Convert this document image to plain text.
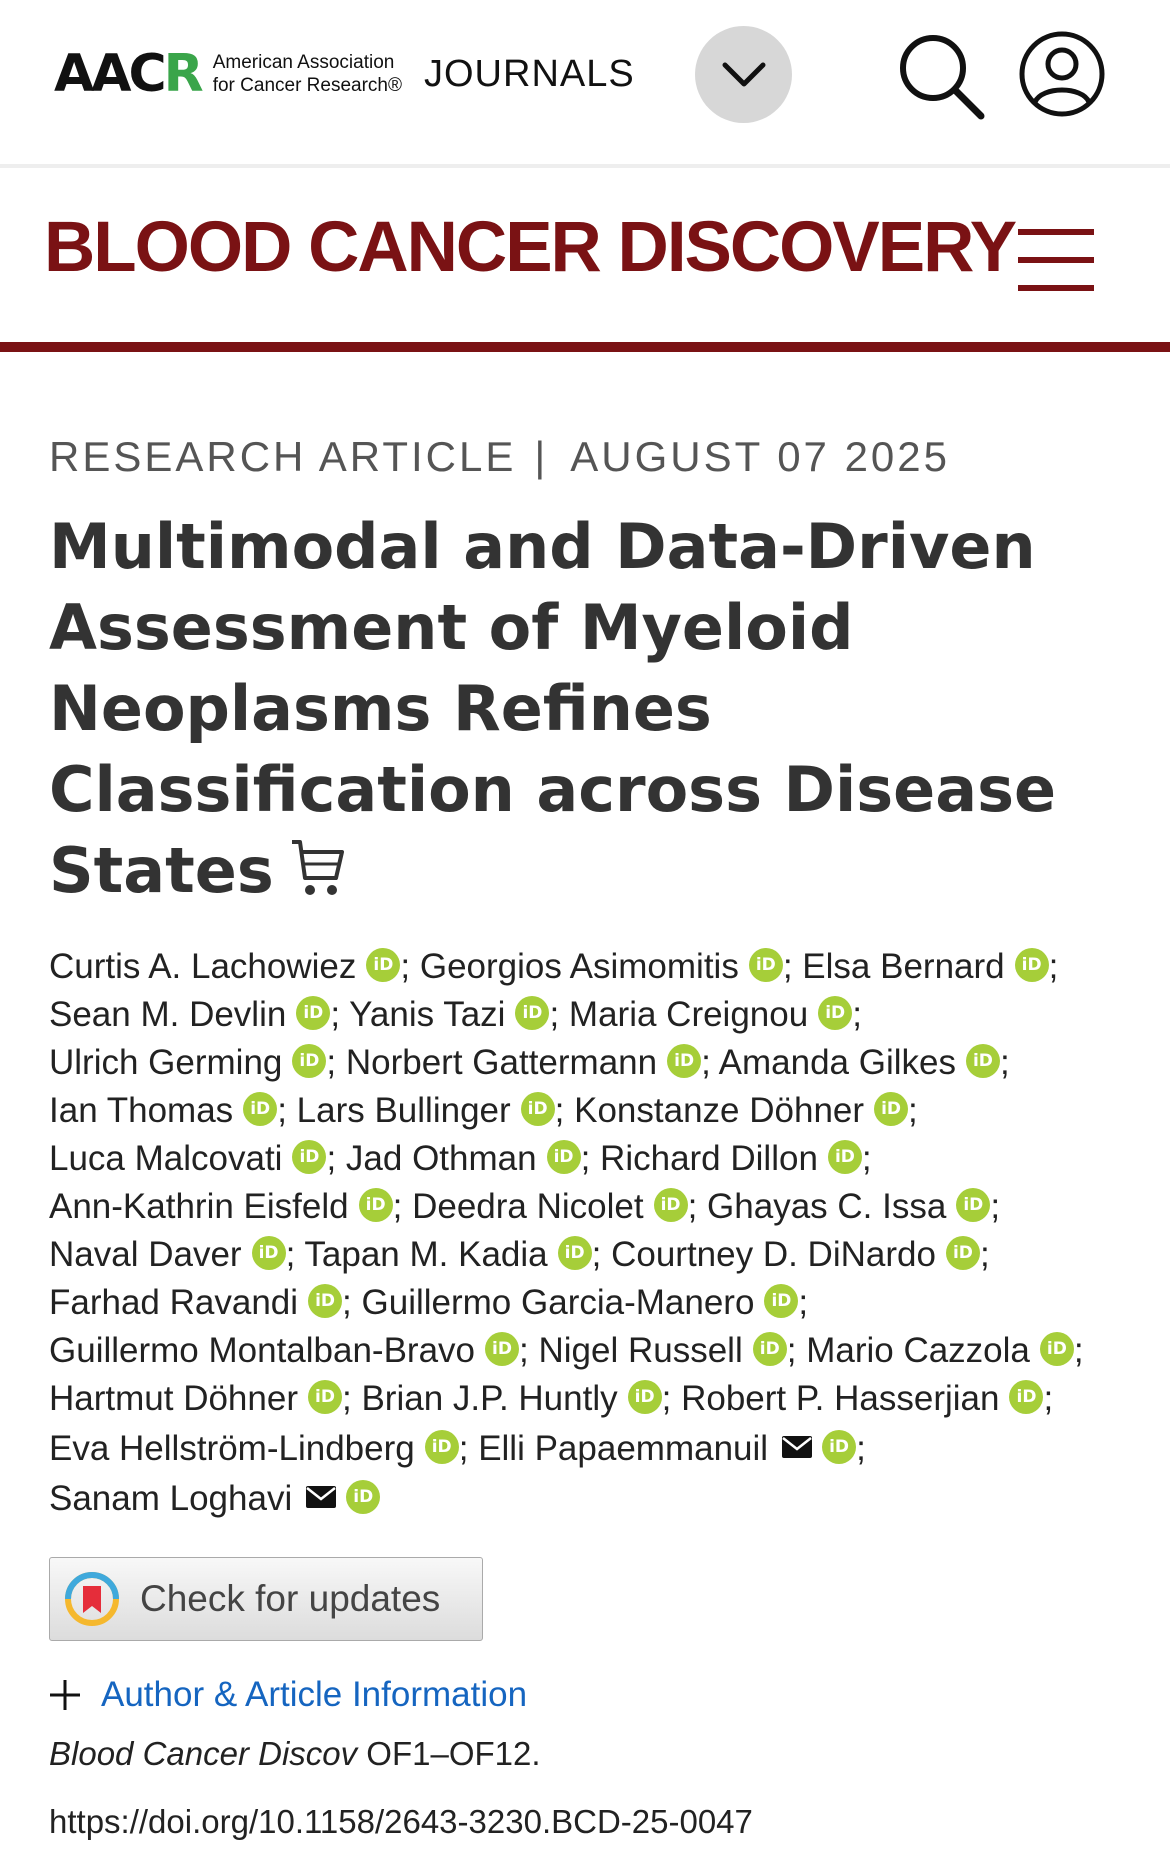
AACR American Association
for Cancer Research® JOURNALS
BLOOD CANCER DISCOVERY
RESEARCH ARTICLE | AUGUST 07 2025
Multimodal and Data-Driven Assessment of Myeloid Neoplasms Refines Classification across Disease States
Curtis A. Lachowiez iD ; Georgios Asimomitis iD ; Elsa Bernard iD ; Sean M. Devlin iD ; Yanis Tazi iD ; Maria Creignou iD ; Ulrich Germing iD ; Norbert Gattermann iD ; Amanda Gilkes iD ; Ian Thomas iD ; Lars Bullinger iD ; Konstanze Döhner iD ; Luca Malcovati iD ; Jad Othman iD ; Richard Dillon iD ; Ann-Kathrin Eisfeld iD ; Deedra Nicolet iD ; Ghayas C. Issa iD ; Naval Daver iD ; Tapan M. Kadia iD ; Courtney D. DiNardo iD ; Farhad Ravandi iD ; Guillermo Garcia-Manero iD ; Guillermo Montalban-Bravo iD ; Nigel Russell iD ; Mario Cazzola iD ; Hartmut Döhner iD ; Brian J.P. Huntly iD ; Robert P. Hasserjian iD ; Eva Hellström-Lindberg iD ; Elli Papaemmanuil	iD ; Sanam Loghavi	iD
Check for updates
Author & Article Information
Blood Cancer Discov OF1–OF12.
https://doi.org/10.1158/2643-3230.BCD-25-0047
